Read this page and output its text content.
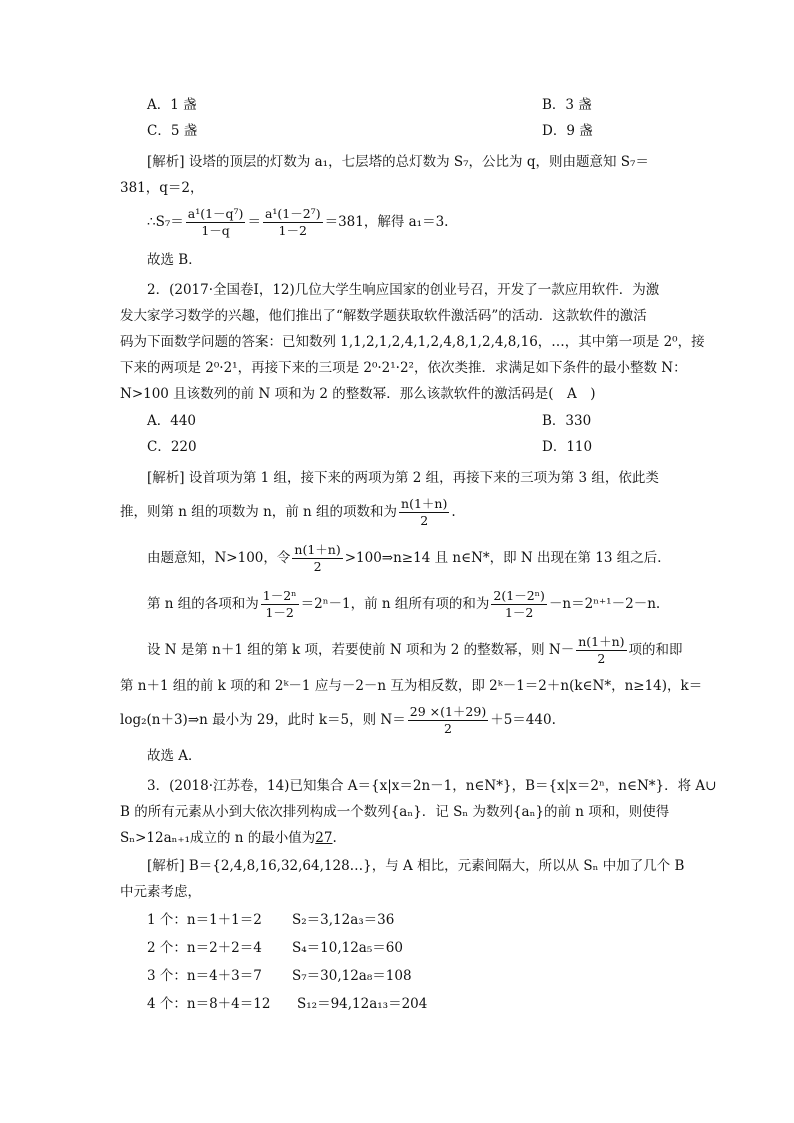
A．1 盏	B．3 盏
C．5 盏	D．9 盏
[解析] 设塔的顶层的灯数为 a₁，七层塔的总灯数为 S₇，公比为 q，则由题意知 S₇＝
381，q＝2，
∴S₇＝ $\frac{\text{a¹(1－q⁷)}}{1-q} = \frac{\text{a¹(1－2⁷)}}{1-2} =381$，解得 a₁＝3.
故选 B．
2．(2017·全国卷Ⅰ，12)几位大学生响应国家的创业号召，开发了一款应用软件．为激
发大家学习数学的兴趣，他们推出了“解数学题获取软件激活码”的活动．这款软件的激活
码为下面数学问题的答案：已知数列 1,1,2,1,2,4,1,2,4,8,1,2,4,8,16，…，其中第一项是 2⁰，接
下来的两项是 2⁰·2¹，再接下来的三项是 2⁰·2¹·2²，依次类推．求满足如下条件的最小整数 N：
N>100 且该数列的前 N 项和为 2 的整数幂．那么该款软件的激活码是(　A　)
A．440	B．330
C．220	D．110
[解析] 设首项为第 1 组，接下来的两项为第 2 组，再接下来的三项为第 3 组，依此类
推，则第 n 组的项数为 n，前 n 组的项数和为 $\frac{n(1+n)}{2}$ .
由题意知，N>100，令 $\frac{n(1+n)}{2}$ >100⇒n≥14 且 n∈N*，即 N 出现在第 13 组之后．
第 n 组的各项和为 $\frac{\text{1－2ⁿ}}{1-2} =2^n-1$，前 n 组所有项的和为 $\frac{\text{2(1－2ⁿ)}}{1-2} -n=2^{n+1}-2-n$.
设 N 是第 n＋1 组的第 k 项，若要使前 N 项和为 2 的整数幂，则 $N- \frac{n(1+n)}{2}$ 项的和即
第 n＋1 组的前 k 项的和 2ᵏ－1 应与－2－n 互为相反数，即 2ᵏ－1＝2＋n(k∈N*，n≥14)，k＝
log₂(n＋3)⇒n 最小为 29，此时 k＝5，则 $N= \frac{29 \times(1+29)}{2} +5=440$.
故选 A．
3．(2018·江苏卷，14)已知集合 A＝{x|x＝2n－1，n∈N*}，B＝{x|x＝2ⁿ，n∈N*}．将 A∪
B 的所有元素从小到大依次排列构成一个数列{aₙ}．记 Sₙ 为数列{aₙ}的前 n 项和，则使得
Sₙ>12aₙ₊₁成立的 n 的最小值为27.
[解析] B＝{2,4,8,16,32,64,128…}，与 A 相比，元素间隔大，所以从 Sₙ 中加了几个 B
中元素考虑，
1 个：n＝1＋1＝2 S₂＝3,12a₃＝36
2 个：n＝2＋2＝4 S₄＝10,12a₅＝60
3 个：n＝4＋3＝7 S₇＝30,12a₈＝108
4 个：n＝8＋4＝12 S₁₂＝94,12a₁₃＝204
